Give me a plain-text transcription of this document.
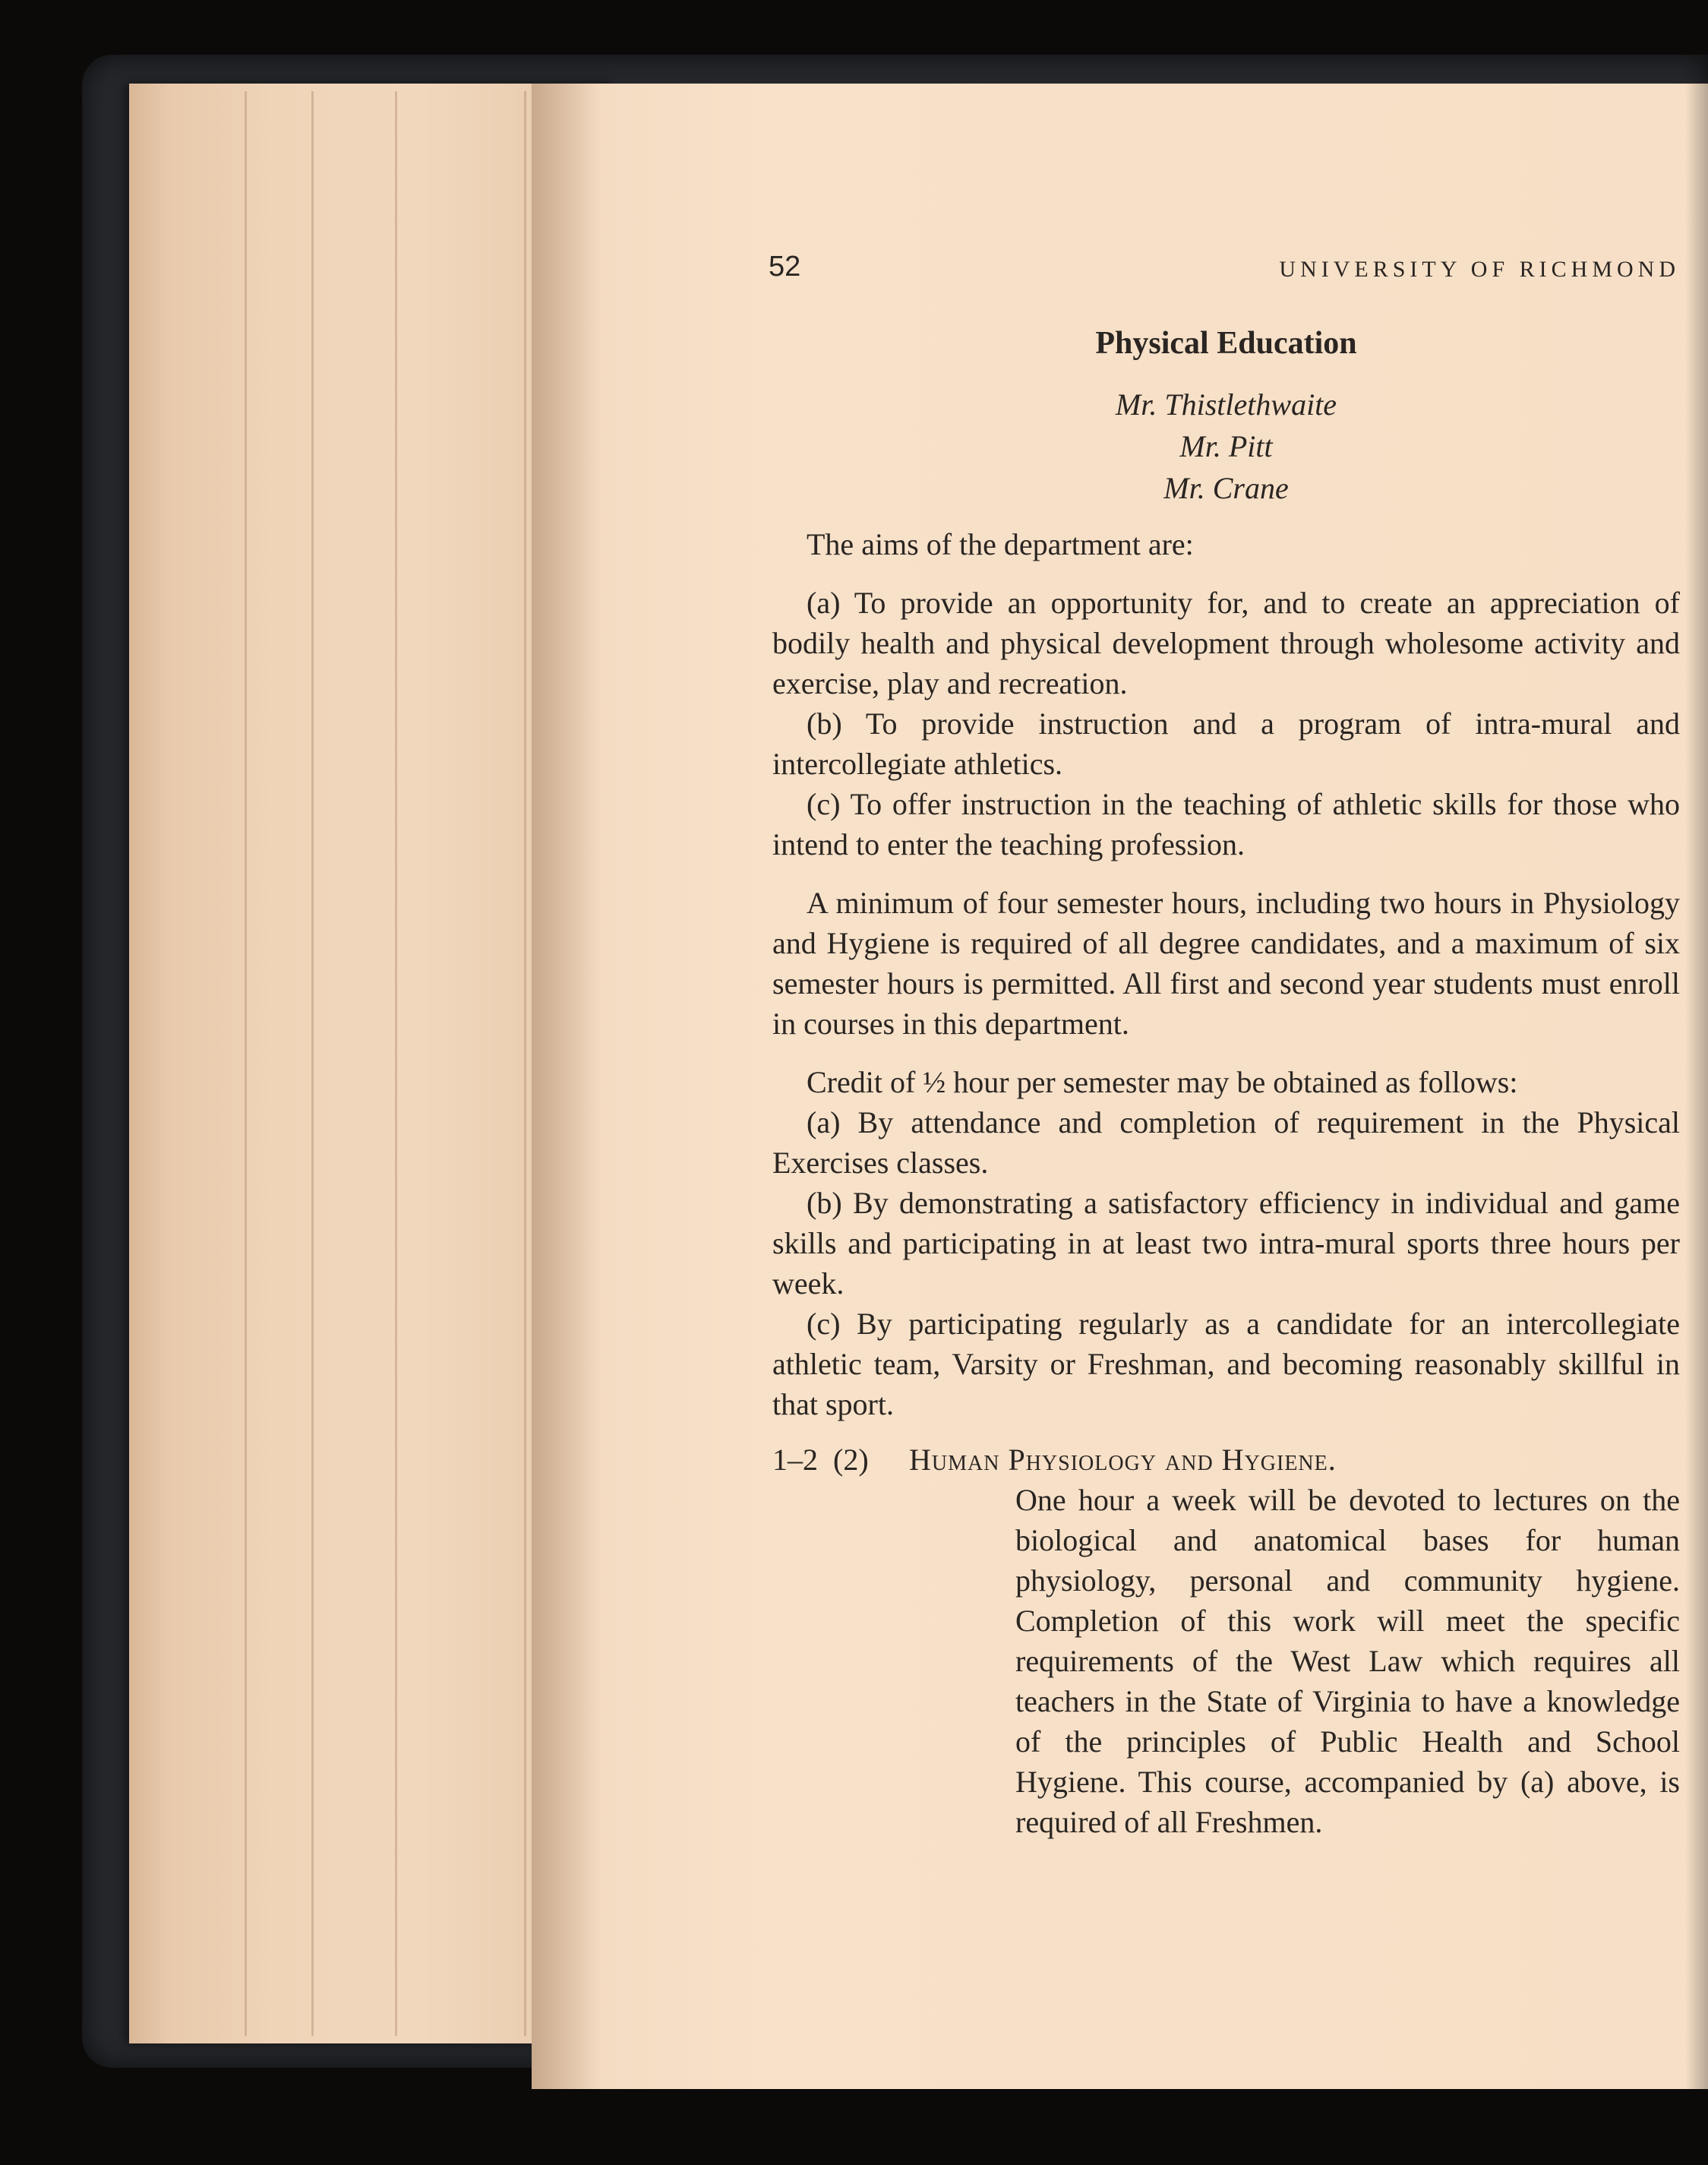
52	UNIVERSITY OF RICHMOND
Physical Education
Mr. Thistlethwaite
Mr. Pitt
Mr. Crane

The aims of the department are:

(a) To provide an opportunity for, and to create an appreciation of bodily health and physical development through wholesome activity and exercise, play and recreation.

(b) To provide instruction and a program of intra-mural and intercollegiate athletics.

(c) To offer instruction in the teaching of athletic skills for those who intend to enter the teaching profession.

A minimum of four semester hours, including two hours in Physiology and Hygiene is required of all degree candidates, and a maximum of six semester hours is permitted. All first and second year students must enroll in courses in this department.

Credit of ½ hour per semester may be obtained as follows:

(a) By attendance and completion of requirement in the Physical Exercises classes.

(b) By demonstrating a satisfactory efficiency in individual and game skills and participating in at least two intra-mural sports three hours per week.

(c) By participating regularly as a candidate for an intercollegiate athletic team, Varsity or Freshman, and becoming reasonably skillful in that sport.

1–2 (2) Human Physiology and Hygiene.
One hour a week will be devoted to lectures on the biological and anatomical bases for human physiology, personal and community hygiene. Completion of this work will meet the specific requirements of the West Law which requires all teachers in the State of Virginia to have a knowledge of the principles of Public Health and School Hygiene. This course, accompanied by (a) above, is required of all Freshmen.
